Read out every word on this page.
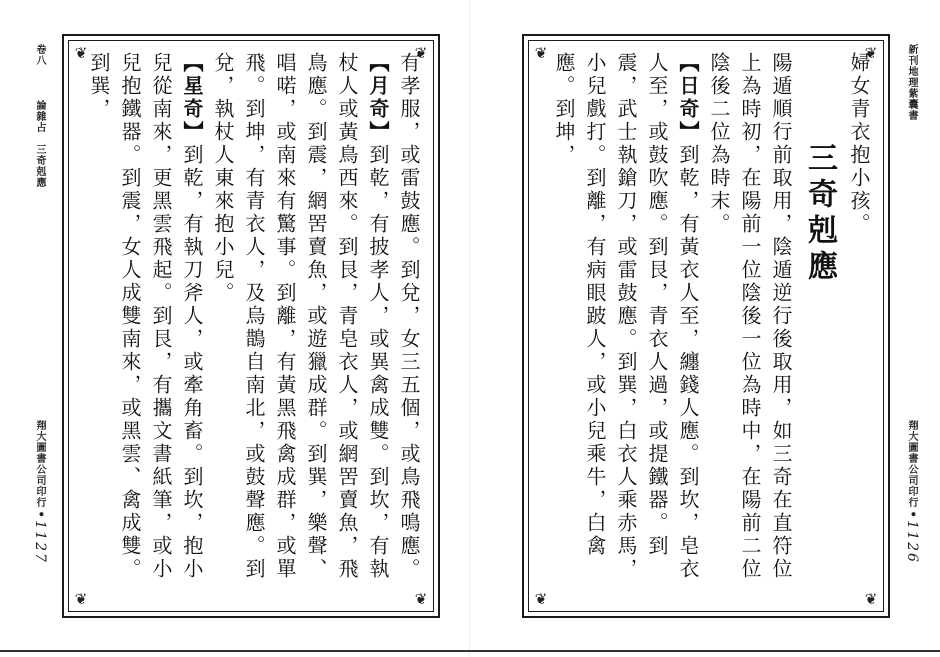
卷八
論雜占　三奇剋應
翔大圖書公司印行
•1127
❦	❦
❦	❦
有孝服，或雷鼓應。到兌，女三五個，或鳥飛鳴應。
【月奇】到乾，有披孝人，或異禽成雙。到坎，有執杖人或黃鳥西來。到艮，青皂衣人，或網罟賣魚，飛鳥應。到震，網罟賣魚，或遊獵成群。到巽，樂聲、唱喏，或南來有驚事。到離，有黃黑飛禽成群，或單飛。到坤，有青衣人，及烏鵲自南北，或鼓聲應。到兌，執杖人東來抱小兒。
【星奇】到乾，有執刀斧人，或牽角畜。到坎，抱小兒從南來，更黑雲飛起。到艮，有攜文書紙筆，或小兒抱鐵器。到震，女人成雙南來，或黑雲、禽成雙。到巽，	❦	❦
❦	❦
婦女青衣抱小孩。
三奇剋應
陽遁順行前取用，陰遁逆行後取用，如三奇在直符位上為時初，在陽前一位陰後一位為時中，在陽前二位陰後二位為時末。
【日奇】到乾，有黃衣人至，纏錢人應。到坎，皂衣人至，或鼓吹應。到艮，青衣人過，或提鐵器。到震，武士執鎗刀，或雷鼓應。到巽，白衣人乘赤馬，小兒戲打。到離，有病眼跛人，或小兒乘牛，白禽應。到坤，	新刊地理紫囊書
翔大圖書公司印行
•1126
